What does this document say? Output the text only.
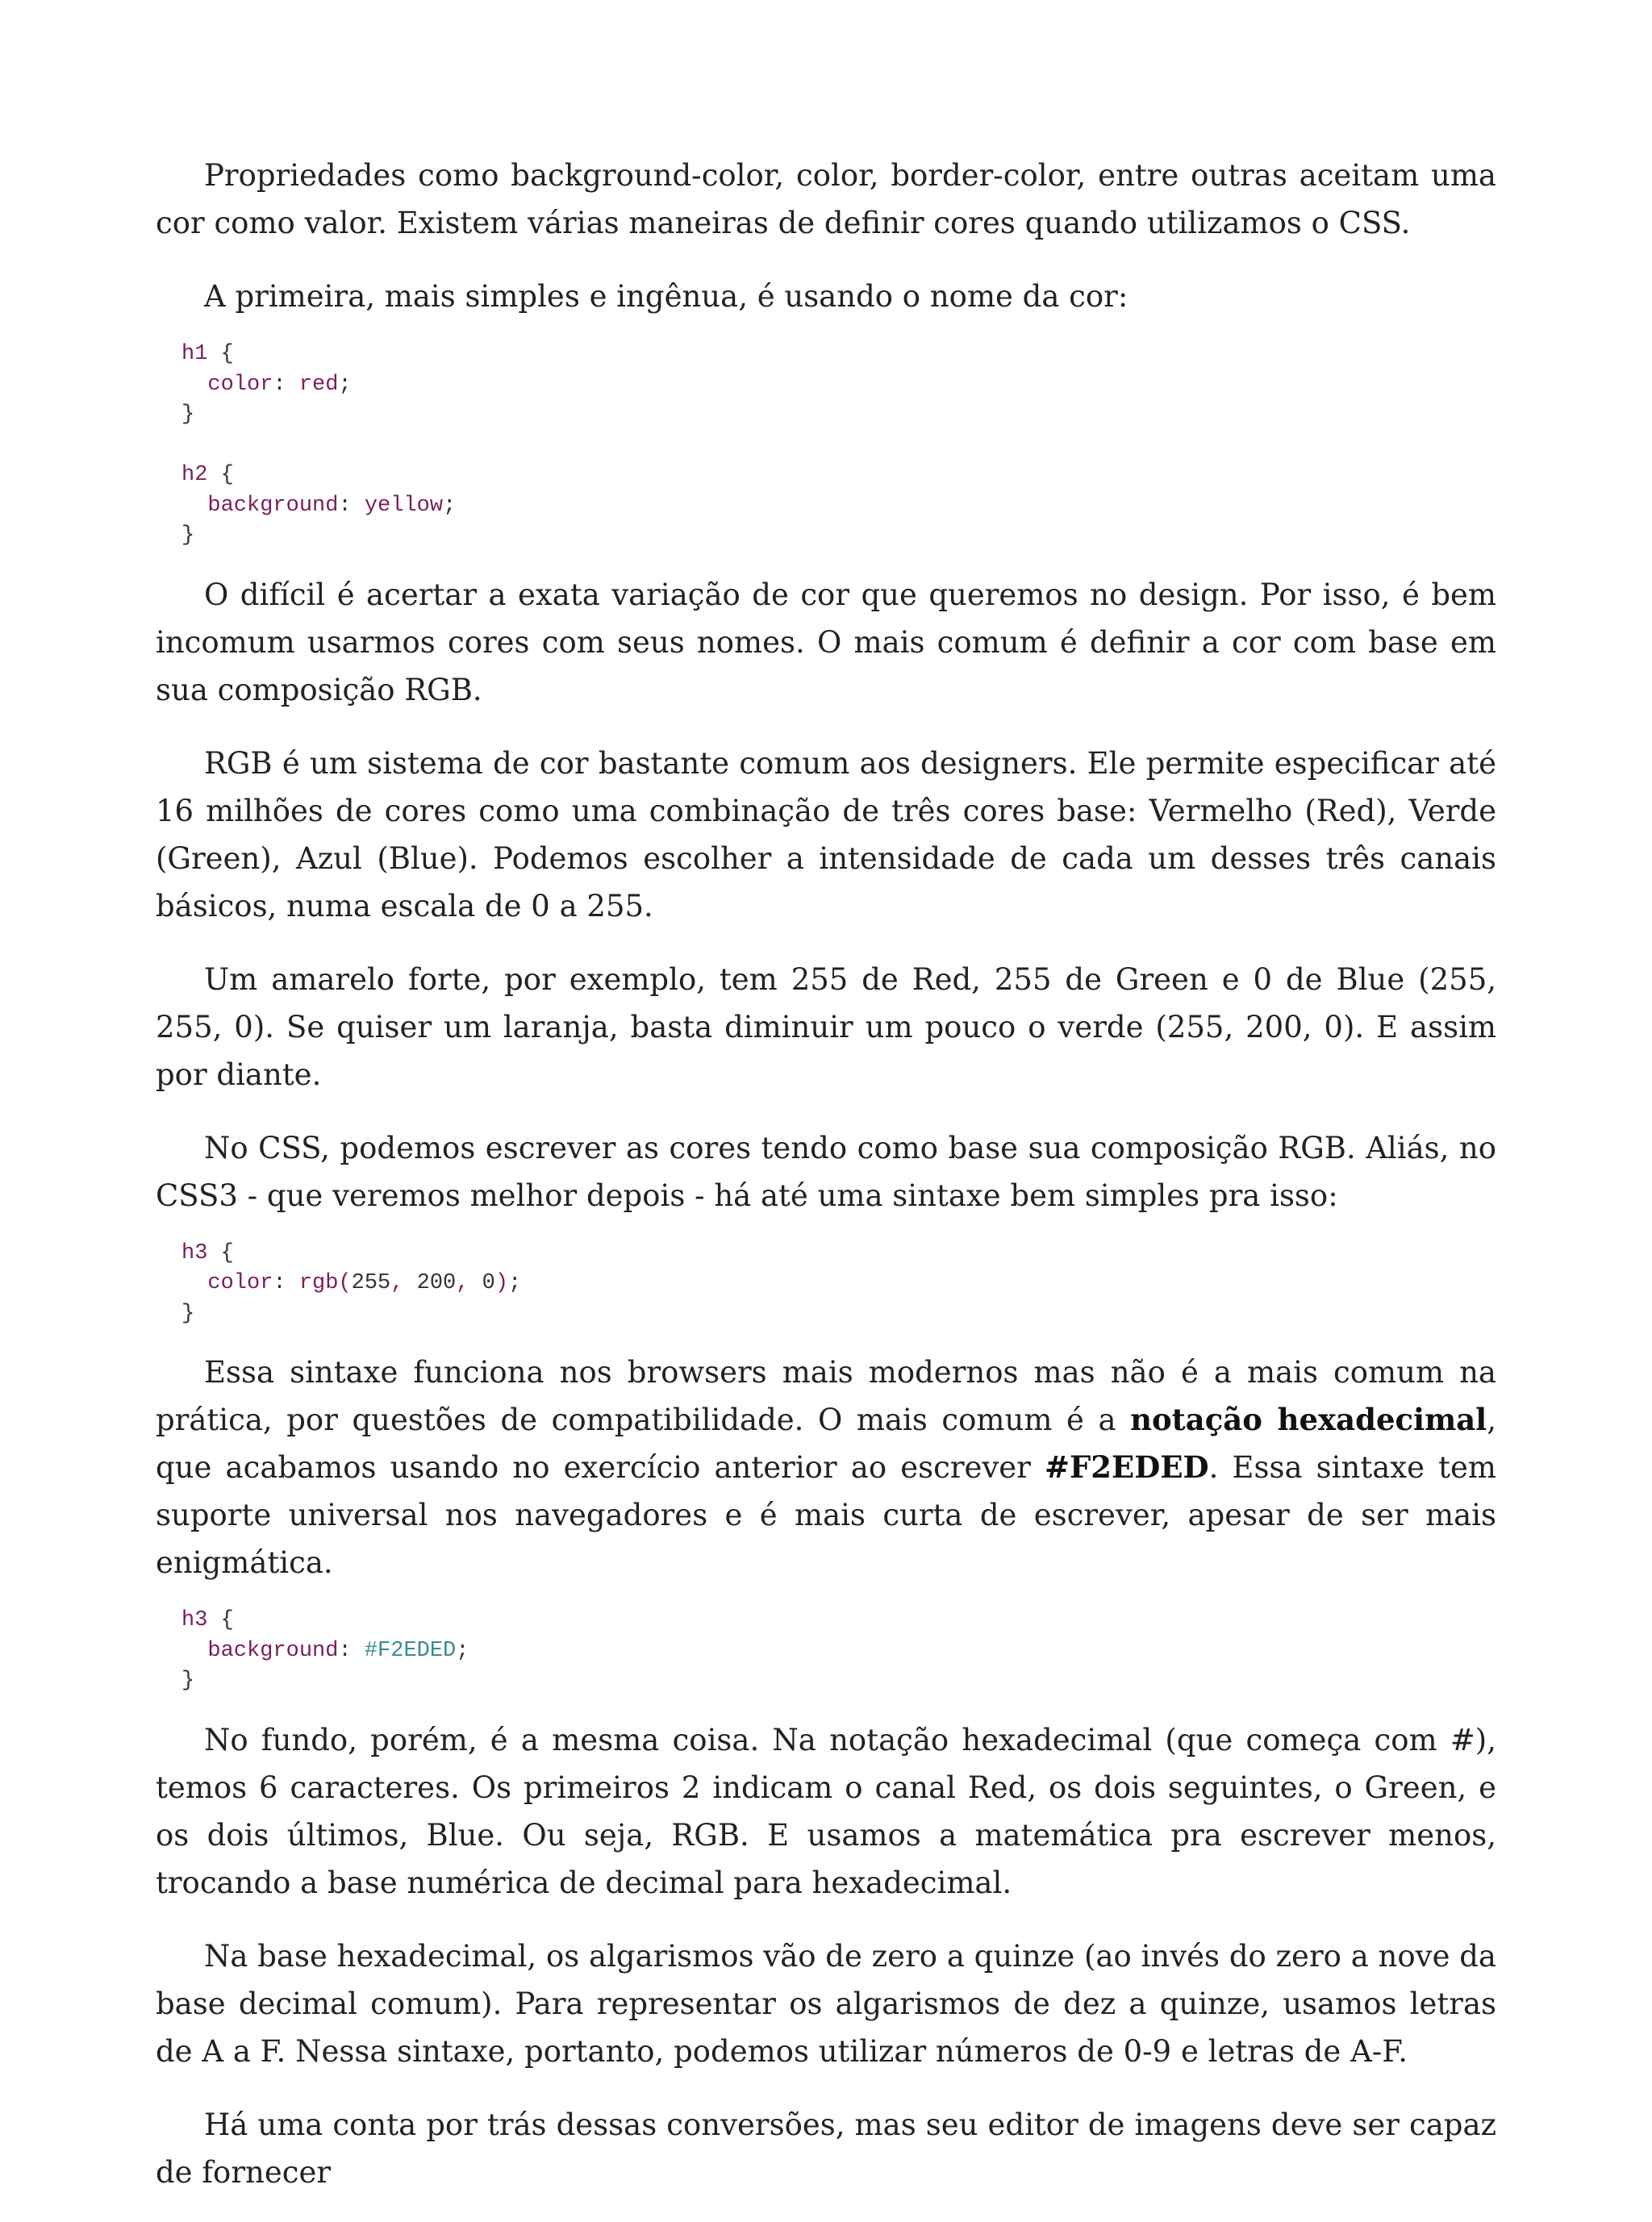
Propriedades como background-color, color, border-color, entre outras aceitam uma cor como valor. Existem várias maneiras de definir cores quando utilizamos o CSS.

A primeira, mais simples e ingênua, é usando o nome da cor:

h1 {
color: red;
}

h2 {
background: yellow;
}

O difícil é acertar a exata variação de cor que queremos no design. Por isso, é bem incomum usarmos cores com seus nomes. O mais comum é definir a cor com base em sua composição RGB.

RGB é um sistema de cor bastante comum aos designers. Ele permite especificar até 16 milhões de cores como uma combinação de três cores base: Vermelho (Red), Verde (Green), Azul (Blue). Podemos escolher a intensidade de cada um desses três canais básicos, numa escala de 0 a 255.

Um amarelo forte, por exemplo, tem 255 de Red, 255 de Green e 0 de Blue (255, 255, 0). Se quiser um laranja, basta diminuir um pouco o verde (255, 200, 0). E assim por diante.

No CSS, podemos escrever as cores tendo como base sua composição RGB. Aliás, no CSS3 - que veremos melhor depois - há até uma sintaxe bem simples pra isso:

h3 {
color: rgb(255, 200, 0);
}

Essa sintaxe funciona nos browsers mais modernos mas não é a mais comum na prática, por questões de compatibilidade. O mais comum é a notação hexadecimal, que acabamos usando no exercício anterior ao escrever #F2EDED. Essa sintaxe tem suporte universal nos navegadores e é mais curta de escrever, apesar de ser mais enigmática.

h3 {
background: #F2EDED;
}

No fundo, porém, é a mesma coisa. Na notação hexadecimal (que começa com #), temos 6 caracteres. Os primeiros 2 indicam o canal Red, os dois seguintes, o Green, e os dois últimos, Blue. Ou seja, RGB. E usamos a matemática pra escrever menos, trocando a base numérica de decimal para hexadecimal.

Na base hexadecimal, os algarismos vão de zero a quinze (ao invés do zero a nove da base decimal comum). Para representar os algarismos de dez a quinze, usamos letras de A a F. Nessa sintaxe, portanto, podemos utilizar números de 0-9 e letras de A-F.

Há uma conta por trás dessas conversões, mas seu editor de imagens deve ser capaz de fornecer
